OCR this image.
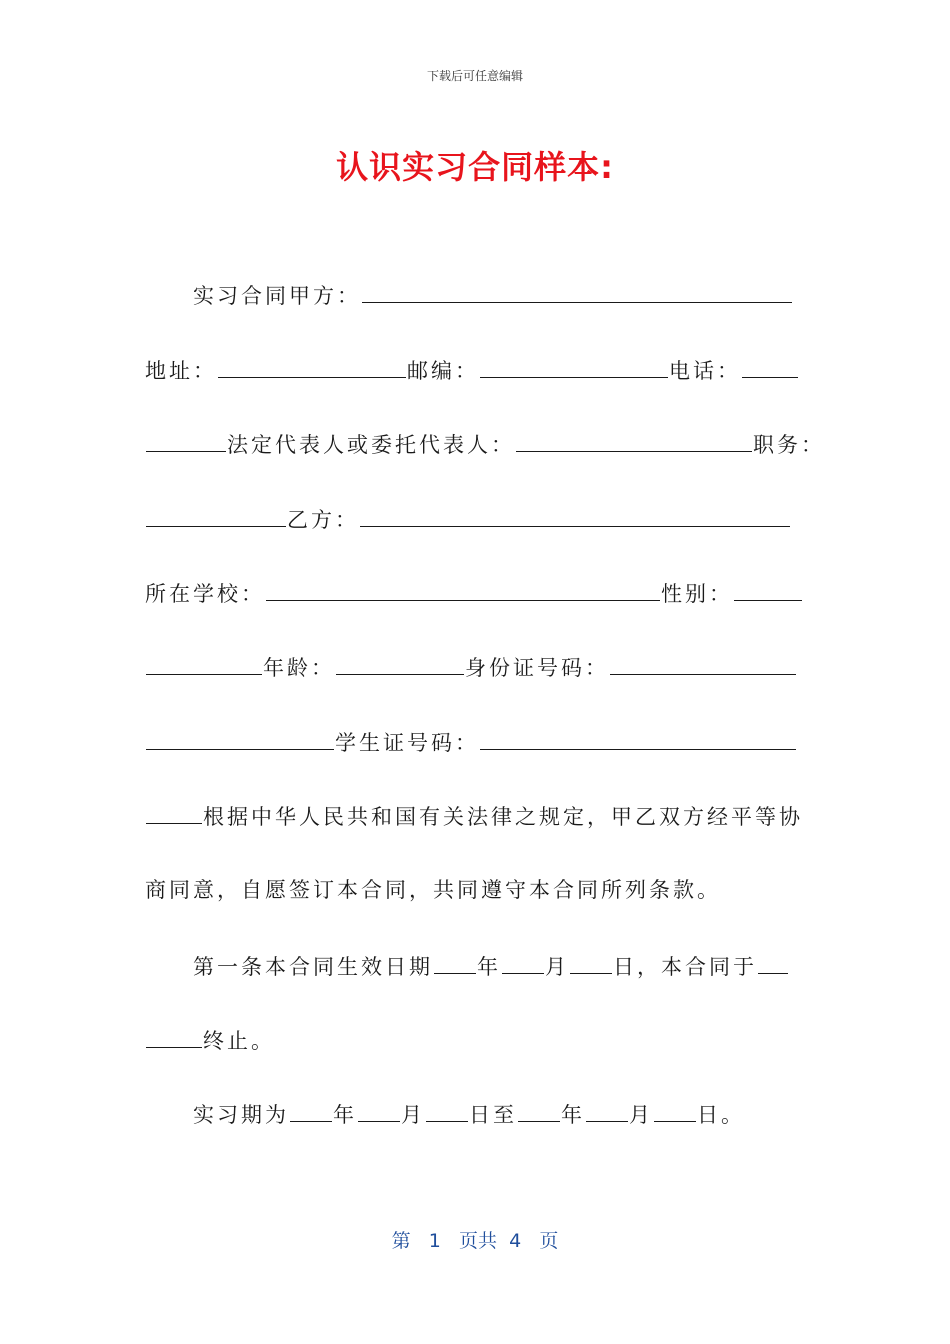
下载后可任意编辑
认识实习合同样本:
实习合同甲方：
地址：	邮编：	电话：
法定代表人或委托代表人：	职务：
乙方：
所在学校：	性别：
年龄：	身份证号码：
学生证号码：
根据中华人民共和国有关法律之规定，甲乙双方经平等协
商同意，自愿签订本合同，共同遵守本合同所列条款。
第一条本合同生效日期 年 月 日，本合同于
终止。
实习期为 年 月 日至 年 月 日。
第 1 页共 4 页
